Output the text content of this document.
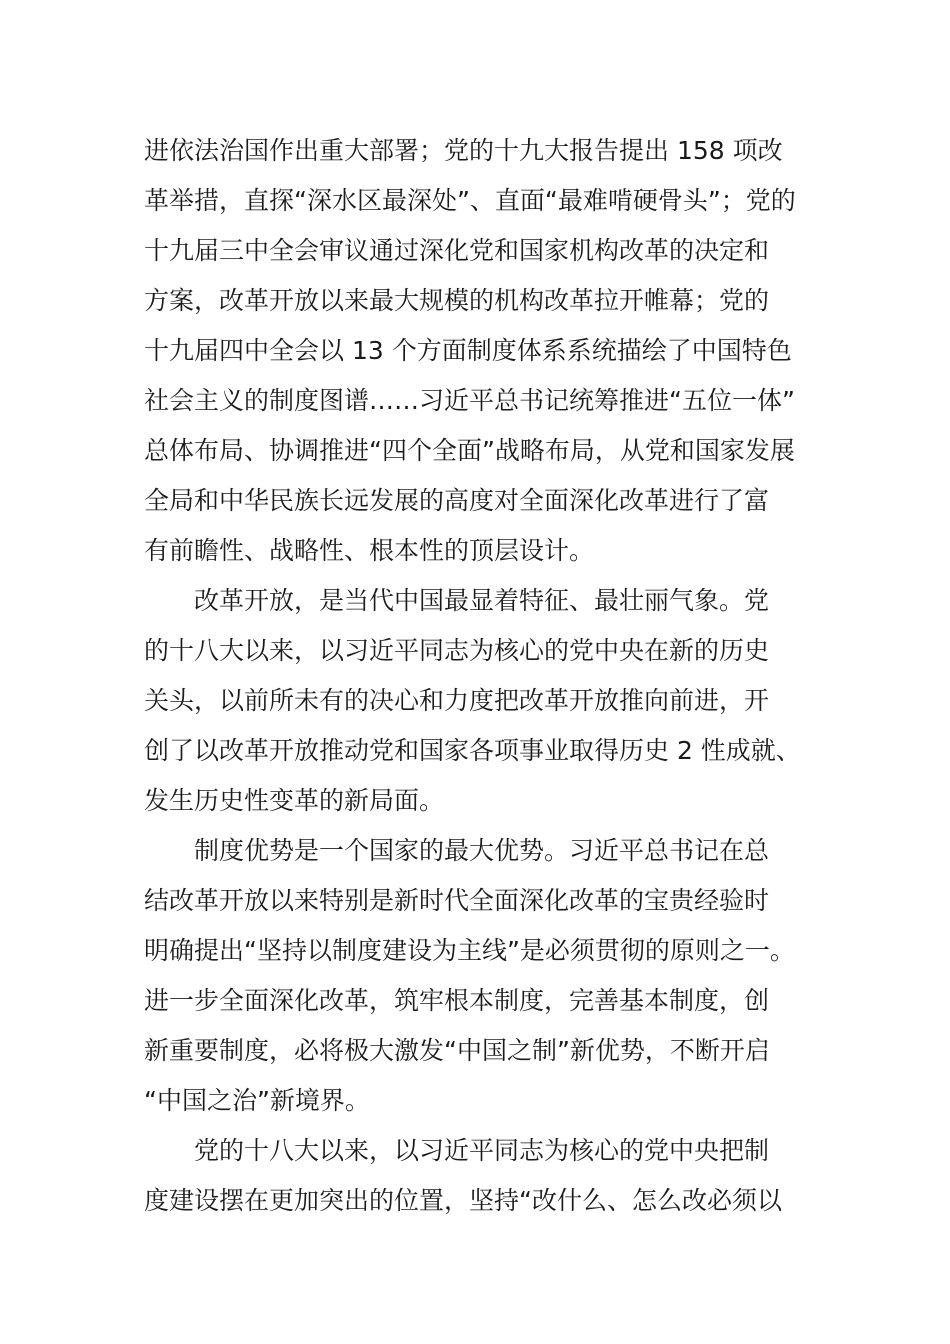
进依法治国作出重大部署；党的十九大报告提出 158 项改
革举措，直探“深水区最深处”、直面“最难啃硬骨头”；党的
十九届三中全会审议通过深化党和国家机构改革的决定和
方案，改革开放以来最大规模的机构改革拉开帷幕；党的
十九届四中全会以 13 个方面制度体系系统描绘了中国特色
社会主义的制度图谱……习近平总书记统筹推进“五位一体”
总体布局、协调推进“四个全面”战略布局，从党和国家发展
全局和中华民族长远发展的高度对全面深化改革进行了富
有前瞻性、战略性、根本性的顶层设计。
改革开放，是当代中国最显着特征、最壮丽气象。党
的十八大以来，以习近平同志为核心的党中央在新的历史
关头，以前所未有的决心和力度把改革开放推向前进，开
创了以改革开放推动党和国家各项事业取得历史 2 性成就、
发生历史性变革的新局面。
制度优势是一个国家的最大优势。习近平总书记在总
结改革开放以来特别是新时代全面深化改革的宝贵经验时
明确提出“坚持以制度建设为主线”是必须贯彻的原则之一。
进一步全面深化改革，筑牢根本制度，完善基本制度，创
新重要制度，必将极大激发“中国之制”新优势，不断开启
“中国之治”新境界。
党的十八大以来，以习近平同志为核心的党中央把制
度建设摆在更加突出的位置，坚持“改什么、怎么改必须以
